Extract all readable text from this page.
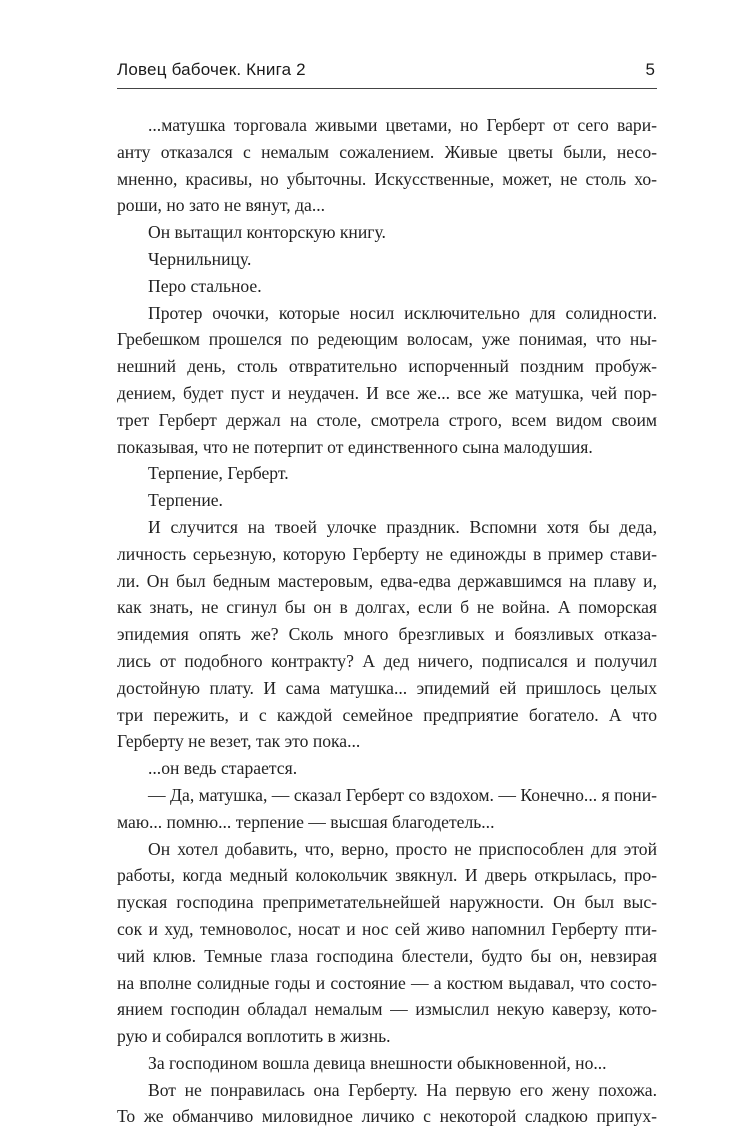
Ловец бабочек. Книга 2	5
...матушка торговала живыми цветами, но Герберт от сего вари-
анту отказался с немалым сожалением. Живые цветы были, несо-
мненно, красивы, но убыточны. Искусственные, может, не столь хо-
роши, но зато не вянут, да...
Он вытащил конторскую книгу.
Чернильницу.
Перо стальное.
Протер очочки, которые носил исключительно для солидности.
Гребешком прошелся по редеющим волосам, уже понимая, что ны-
нешний день, столь отвратительно испорченный поздним пробуж-
дением, будет пуст и неудачен. И все же... все же матушка, чей пор-
трет Герберт держал на столе, смотрела строго, всем видом своим
показывая, что не потерпит от единственного сына малодушия.
Терпение, Герберт.
Терпение.
И случится на твоей улочке праздник. Вспомни хотя бы деда,
личность серьезную, которую Герберту не единожды в пример стави-
ли. Он был бедным мастеровым, едва-едва державшимся на плаву и,
как знать, не сгинул бы он в долгах, если б не война. А поморская
эпидемия опять же? Сколь много брезгливых и боязливых отказа-
лись от подобного контракту? А дед ничего, подписался и получил
достойную плату. И сама матушка... эпидемий ей пришлось целых
три пережить, и с каждой семейное предприятие богатело. А что
Герберту не везет, так это пока...
...он ведь старается.
— Да, матушка, — сказал Герберт со вздохом. — Конечно... я пони-
маю... помню... терпение — высшая благодетель...
Он хотел добавить, что, верно, просто не приспособлен для этой
работы, когда медный колокольчик звякнул. И дверь открылась, про-
пуская господина преприметательнейшей наружности. Он был выс-
сок и худ, темноволос, носат и нос сей живо напомнил Герберту пти-
чий клюв. Темные глаза господина блестели, будто бы он, невзирая
на вполне солидные годы и состояние — а костюм выдавал, что состо-
янием господин обладал немалым — измыслил некую каверзу, кото-
рую и собирался воплотить в жизнь.
За господином вошла девица внешности обыкновенной, но...
Вот не понравилась она Герберту. На первую его жену похожа.
То же обманчиво миловидное личико с некоторой сладкою припух-
